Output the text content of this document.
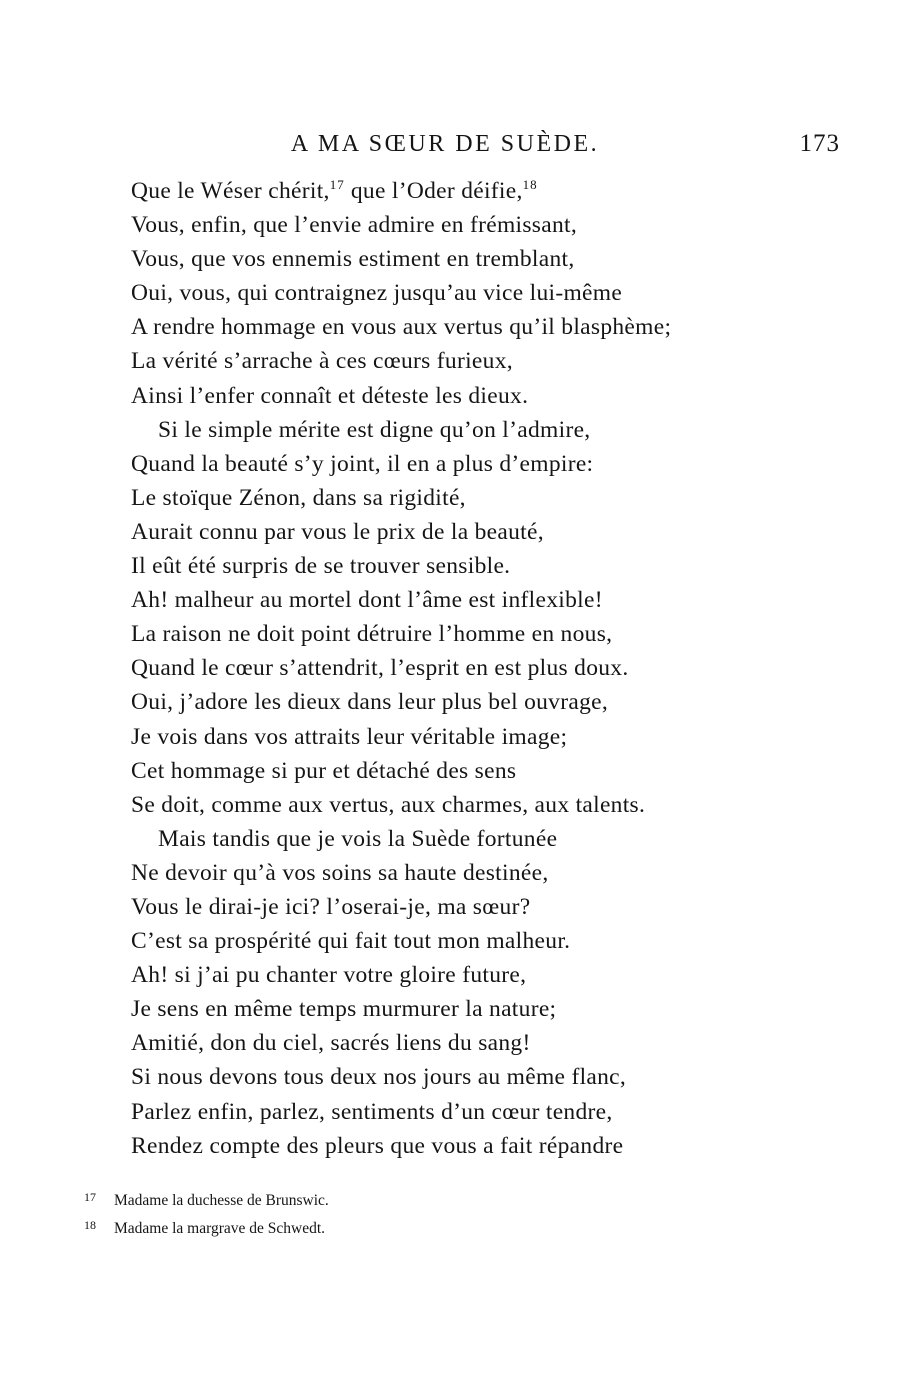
A MA SŒUR DE SUÈDE.	173
Que le Wéser chérit,$^{17}$ que l’Oder déifie,$^{18}$
Vous, enfin, que l’envie admire en frémissant,
Vous, que vos ennemis estiment en tremblant,
Oui, vous, qui contraignez jusqu’au vice lui-même
A rendre hommage en vous aux vertus qu’il blasphème;
La vérité s’arrache à ces cœurs furieux,
Ainsi l’enfer connaît et déteste les dieux.
Si le simple mérite est digne qu’on l’admire,
Quand la beauté s’y joint, il en a plus d’empire:
Le stoïque Zénon, dans sa rigidité,
Aurait connu par vous le prix de la beauté,
Il eût été surpris de se trouver sensible.
Ah! malheur au mortel dont l’âme est inflexible!
La raison ne doit point détruire l’homme en nous,
Quand le cœur s’attendrit, l’esprit en est plus doux.
Oui, j’adore les dieux dans leur plus bel ouvrage,
Je vois dans vos attraits leur véritable image;
Cet hommage si pur et détaché des sens
Se doit, comme aux vertus, aux charmes, aux talents.
Mais tandis que je vois la Suède fortunée
Ne devoir qu’à vos soins sa haute destinée,
Vous le dirai-je ici? l’oserai-je, ma sœur?
C’est sa prospérité qui fait tout mon malheur.
Ah! si j’ai pu chanter votre gloire future,
Je sens en même temps murmurer la nature;
Amitié, don du ciel, sacrés liens du sang!
Si nous devons tous deux nos jours au même flanc,
Parlez enfin, parlez, sentiments d’un cœur tendre,
Rendez compte des pleurs que vous a fait répandre
17 Madame la duchesse de Brunswic.
18 Madame la margrave de Schwedt.
